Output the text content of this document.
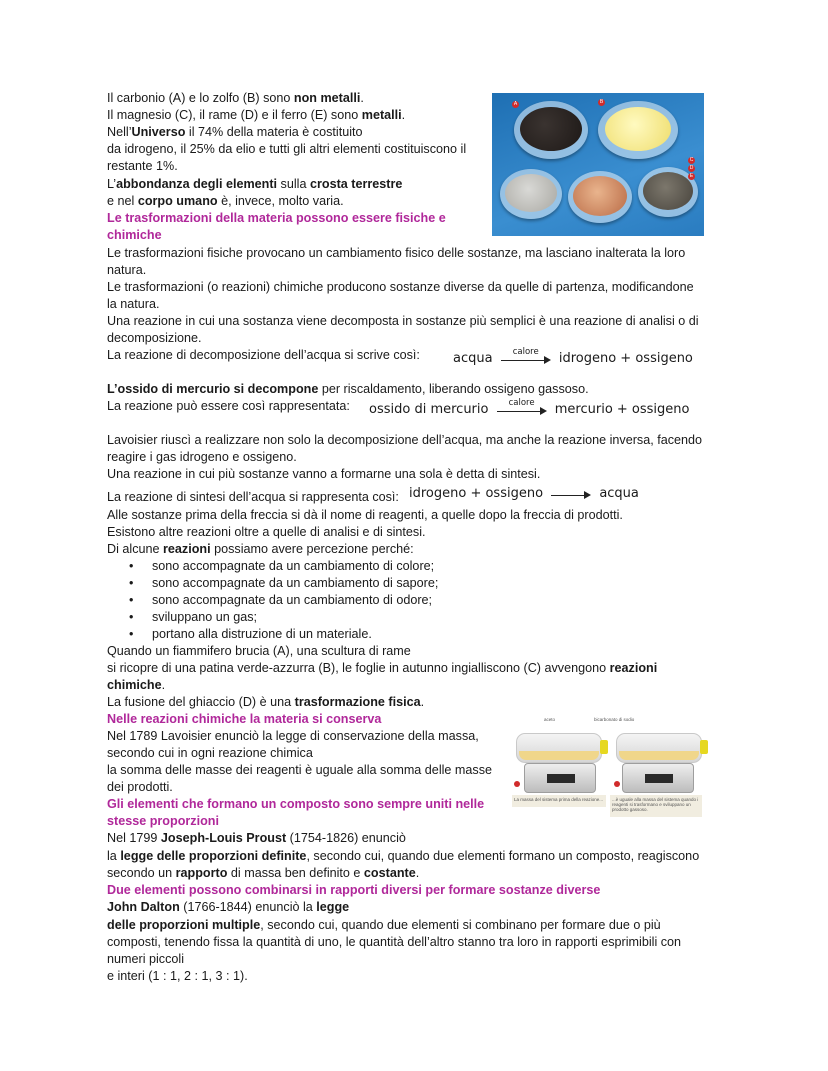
Il carbonio (A) e lo zolfo (B) sono non metalli.
Il magnesio (C), il rame (D) e il ferro (E) sono metalli.
Nell’Universo il 74% della materia è costituito
da idrogeno, il 25% da elio e tutti gli altri elementi costituiscono il
restante 1%.
L’abbondanza degli elementi sulla crosta terrestre
e nel corpo umano è, invece, molto varia.
A	B
C
D
E
Le trasformazioni della materia possono essere fisiche e
chimiche
Le trasformazioni fisiche provocano un cambiamento fisico delle sostanze, ma lasciano inalterata la loro
natura.
Le trasformazioni (o reazioni) chimiche producono sostanze diverse da quelle di partenza, modificandone
la natura.
Una reazione in cui una sostanza viene decomposta in sostanze più semplici è una reazione di analisi o di
decomposizione.
La reazione di decomposizione dell’acqua si scrive così:	acqua	calore	idrogeno + ossigeno
L’ossido di mercurio si decompone per riscaldamento, liberando ossigeno gassoso.
La reazione può essere così rappresentata: ossido di mercurio	calore	mercurio + ossigeno
Lavoisier riuscì a realizzare non solo la decomposizione dell’acqua, ma anche la reazione inversa, facendo
reagire i gas idrogeno e ossigeno.
Una reazione in cui più sostanze vanno a formarne una sola è detta di sintesi.
La reazione di sintesi dell’acqua si rappresenta così: idrogeno + ossigeno	acqua
Alle sostanze prima della freccia si dà il nome di reagenti, a quelle dopo la freccia di prodotti.
Esistono altre reazioni oltre a quelle di analisi e di sintesi.
Di alcune reazioni possiamo avere percezione perché:
• sono accompagnate da un cambiamento di colore;
• sono accompagnate da un cambiamento di sapore;
• sono accompagnate da un cambiamento di odore;
• sviluppano un gas;
• portano alla distruzione di un materiale.
Quando un fiammifero brucia (A), una scultura di rame
si ricopre di una patina verde-azzurra (B), le foglie in autunno ingialliscono (C) avvengono reazioni
chimiche.
La fusione del ghiaccio (D) è una trasformazione fisica.
Nelle reazioni chimiche la materia si conserva
Nel 1789 Lavoisier enunciò la legge di conservazione della massa,
secondo cui in ogni reazione chimica
la somma delle masse dei reagenti è uguale alla somma delle masse
dei prodotti.
aceto	bicarbonato di sodio
La massa del sistema prima della reazione... ...è uguale alla massa del sistema quando i reagenti si trasformano e sviluppano un prodotto gassoso.
Gli elementi che formano un composto sono sempre uniti nelle
stesse proporzioni
Nel 1799 Joseph-Louis Proust (1754-1826) enunciò
la legge delle proporzioni definite, secondo cui, quando due elementi formano un composto, reagiscono
secondo un rapporto di massa ben definito e costante.
Due elementi possono combinarsi in rapporti diversi per formare sostanze diverse
John Dalton (1766-1844) enunciò la legge
delle proporzioni multiple, secondo cui, quando due elementi si combinano per formare due o più
composti, tenendo fissa la quantità di uno, le quantità dell’altro stanno tra loro in rapporti esprimibili con
numeri piccoli
e interi (1 : 1, 2 : 1, 3 : 1).
